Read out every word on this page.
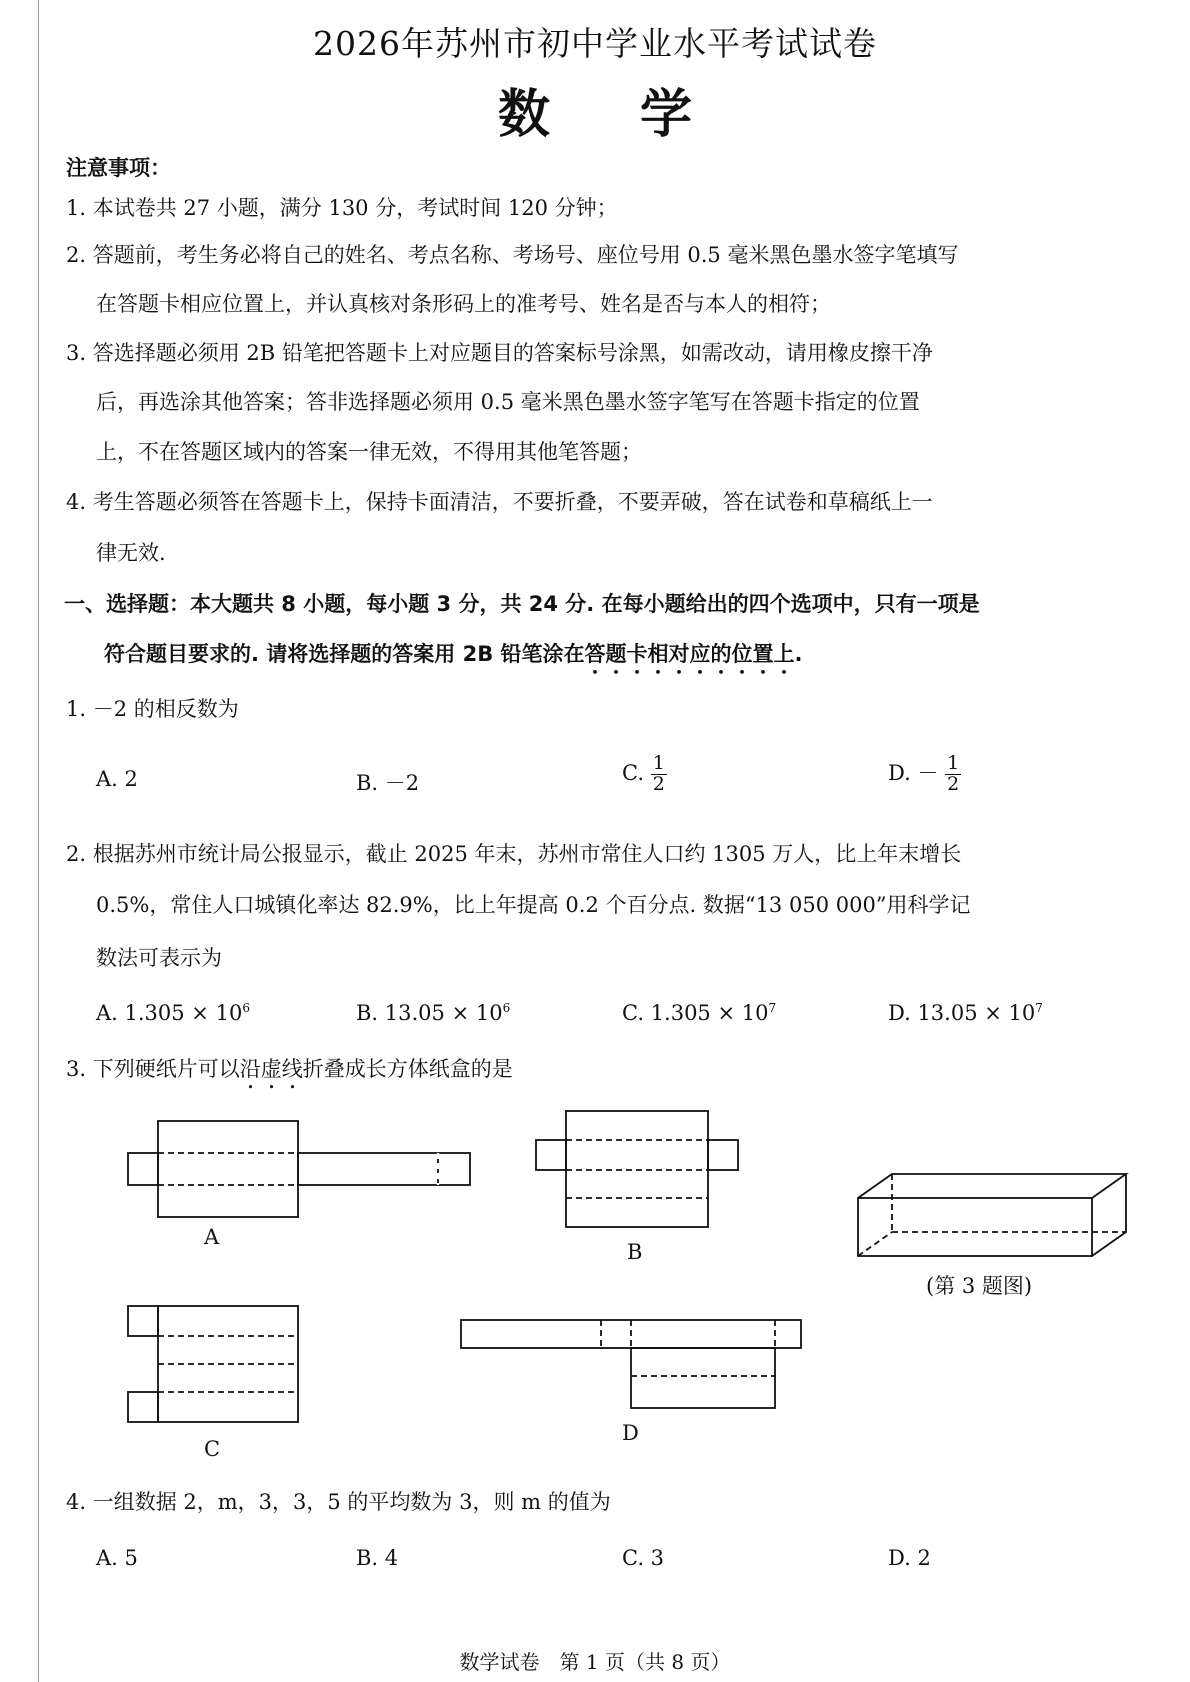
2026年苏州市初中学业水平考试试卷
数学
注意事项：
1. 本试卷共 27 小题，满分 130 分，考试时间 120 分钟；
2. 答题前，考生务必将自己的姓名、考点名称、考场号、座位号用 0.5 毫米黑色墨水签字笔填写
在答题卡相应位置上，并认真核对条形码上的准考号、姓名是否与本人的相符；
3. 答选择题必须用 2B 铅笔把答题卡上对应题目的答案标号涂黑，如需改动，请用橡皮擦干净
后，再选涂其他答案；答非选择题必须用 0.5 毫米黑色墨水签字笔写在答题卡指定的位置
上，不在答题区域内的答案一律无效，不得用其他笔答题；
4. 考生答题必须答在答题卡上，保持卡面清洁，不要折叠，不要弄破，答在试卷和草稿纸上一
律无效.
一、选择题：本大题共 8 小题，每小题 3 分，共 24 分. 在每小题给出的四个选项中，只有一项是
符合题目要求的. 请将选择题的答案用 2B 铅笔涂在答题卡相对应的位置上.
1. －2 的相反数为
A. 2	B. －2	C. $\frac{1}{2}$	D. － $\frac{1}{2}$
2. 根据苏州市统计局公报显示，截止 2025 年末，苏州市常住人口约 1305 万人，比上年末增长
0.5%，常住人口城镇化率达 82.9%，比上年提高 0.2 个百分点. 数据“13 050 000”用科学记
数法可表示为
A. $1.305 \times 10^6$	B. $13.05 \times 10^6$	C. $1.305 \times 10^7$	D. $13.05 \times 10^7$
3. 下列硬纸片可以沿虚线折叠成长方体纸盒的是
A
B
(第 3 题图)
C
D
4. 一组数据 2，m，3，3，5 的平均数为 3，则 m 的值为
A. 5	B. 4	C. 3	D. 2
数学试卷　第 1 页（共 8 页）
